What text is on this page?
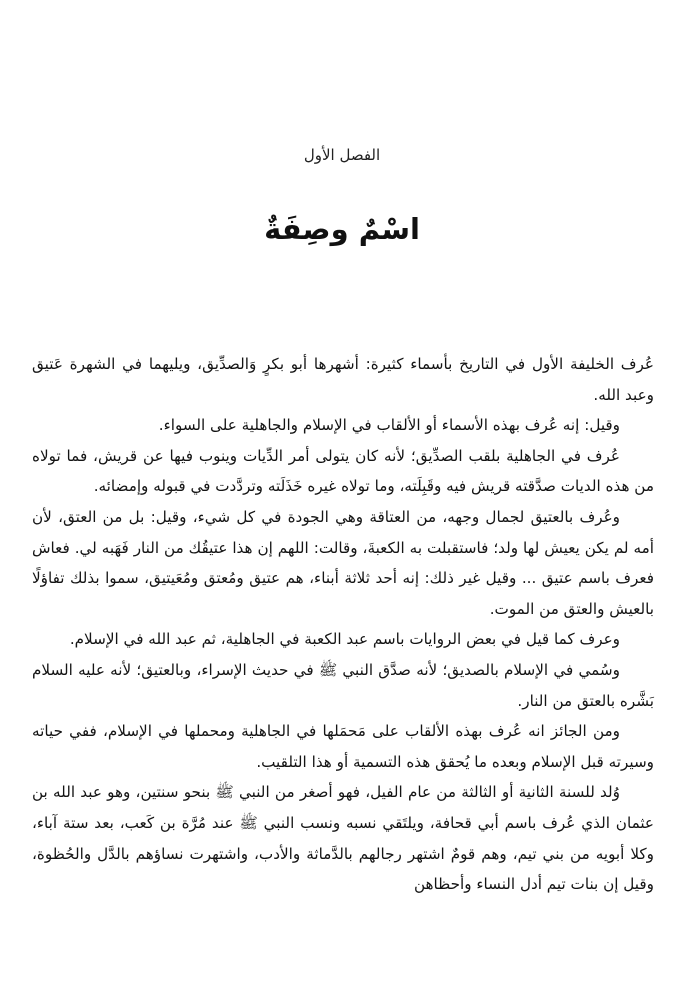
الفصل الأول
اسْمٌ وصِفَةٌ

عُرف الخليفة الأول في التاريخ بأسماء كثيرة: أشهرها أبو بكرٍ وَالصدِّيق، ويليهما في الشهرة عَتيق وعبد الله.

وقيل: إنه عُرف بهذه الأسماء أو الألقاب في الإسلام والجاهلية على السواء.

عُرف في الجاهلية بلقب الصدِّيق؛ لأنه كان يتولى أمر الدِّيات وينوب فيها عن قريش، فما تولاه من هذه الديات صدَّقته قريش فيه وقَبِلَته، وما تولاه غيره خَذَلَته وتردَّدت في قبوله وإمضائه.

وعُرف بالعتيق لجمال وجهه، من العتاقة وهي الجودة في كل شيء، وقيل: بل من العتق، لأن أمه لم يكن يعيش لها ولد؛ فاستقبلت به الكعبةَ، وقالت: اللهم إن هذا عتيقُك من النار فَهَبه لي. فعاش فعرف باسم عتيق ... وقيل غير ذلك: إنه أحد ثلاثة أبناء، هم عتيق ومُعتق ومُعَيتيق، سموا بذلك تفاؤلًا بالعيش والعتق من الموت.

وعرف كما قيل في بعض الروايات باسم عبد الكعبة في الجاهلية، ثم عبد الله في الإسلام.

وسُمي في الإسلام بالصديق؛ لأنه صدَّق النبي ﷺ في حديث الإسراء، وبالعتيق؛ لأنه عليه السلام بَشَّره بالعتق من النار.

ومن الجائز انه عُرف بهذه الألقاب على مَحمَلها في الجاهلية ومحملها في الإسلام، ففي حياته وسيرته قبل الإسلام وبعده ما يُحقق هذه التسمية أو هذا التلقيب.

وُلد للسنة الثانية أو الثالثة من عام الفيل، فهو أصغر من النبي ﷺ بنحو سنتين، وهو عبد الله بن عثمان الذي عُرف باسم أبي قحافة، ويلتَقي نسبه ونسب النبي ﷺ عند مُرَّة بن كَعب، بعد ستة آباء، وكلا أبويه من بني تيم، وهم قومٌ اشتهر رجالهم بالدَّماثة والأدب، واشتهرت نساؤهم بالدَّل والحُظوة، وقيل إن بنات تيم أدل النساء وأحظاهن
